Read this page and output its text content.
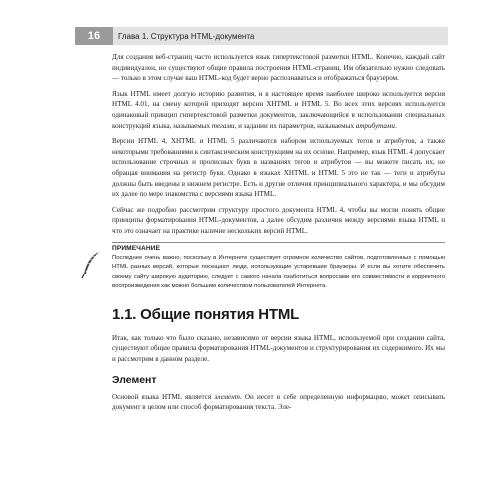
16	Глава 1. Структура HTML-документа

Для создания веб-страниц часто используется язык гипертекстовой разметки HTML. Конечно, каждый сайт индивидуален, но существуют общие правила построения HTML-страниц. Им обязательно нужно следовать — только в этом случае ваш HTML-код будет верно распознаваться и отображаться браузером.

Язык HTML имеет долгую историю развития, и в настоящее время наиболее широко используется версия HTML 4.01, на смену которой приходят версии XHTML и HTML 5. Во всех этих версиях используется одинаковый принцип гипертекстовой разметки документов, заключающийся в использовании специальных конструкций языка, называемых тегами, и задании их параметров, называемых атрибутами.

Версии HTML 4, XHTML и HTML 5 различаются набором используемых тегов и атрибутов, а также некоторыми требованиями к синтаксическим конструкциям на их основе. Например, язык HTML 4 допускает использование строчных и прописных букв в названиях тегов и атрибутов — вы можете писать их, не обращая внимания на регистр букв. Однако в языках XHTML и HTML 5 это не так — теги и атрибуты должны быть введены в нижнем регистре. Есть и другие отличия принципиального характера, и мы обсудим их далее по мере знакомства с версиями языка HTML.

Сейчас же подробно рассмотрим структуру простого документа HTML 4, чтобы вы могли понять общие принципы форматирования HTML-документов, а далее обсудим различия между версиями языка HTML и что это означает на практике наличие нескольких версий HTML.

ПРИМЕЧАНИЕ
Последнее очень важно, поскольку в Интернете существует огромное количество сайтов, подготовленных с помощью HTML разных версий, которые посещают люди, использующие устаревшие браузеры. И если вы хотите обеспечить своему сайту широкую аудиторию, следует с самого начала озаботиться вопросами его совместимости и корректного воспроизведения как можно большим количеством пользователей Интернета.
1.1. Общие понятия HTML

Итак, как только что было сказано, независимо от версии языка HTML, используемой при создании сайта, существуют общие правила форматирования HTML-документов и структурирования их содержимого. Их мы и рассмотрим в данном разделе.

Элемент

Основой языка HTML является элемент. Он несет в себе определенную информацию, может описывать документ в целом или способ форматирования текста. Эле-
